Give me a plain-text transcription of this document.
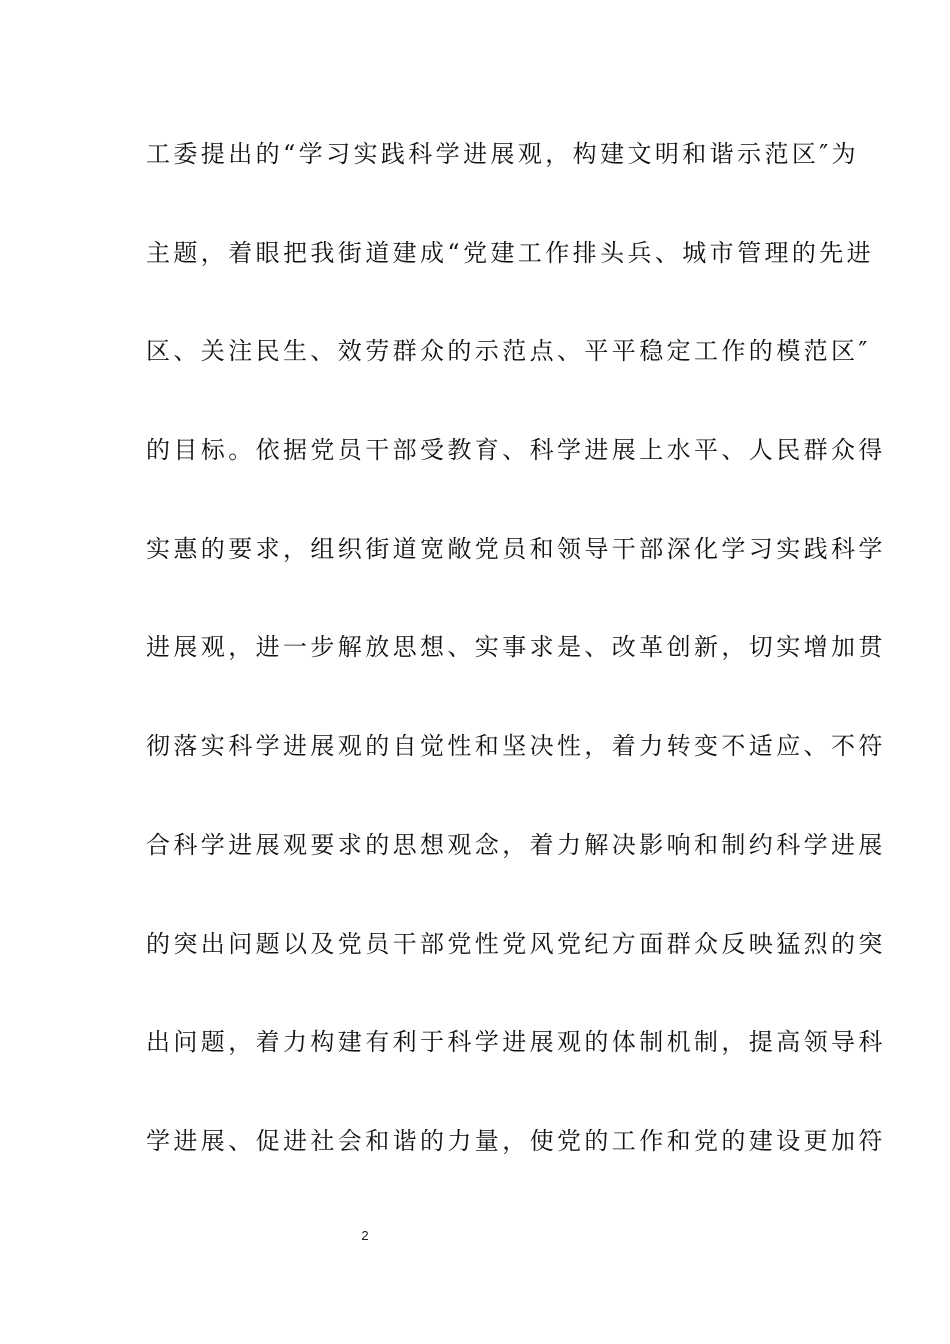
工委提出的“学习实践科学进展观，构建文明和谐示范区″为
主题，着眼把我街道建成“党建工作排头兵、城市管理的先进
区、关注民生、效劳群众的示范点、平平稳定工作的模范区″
的目标。依据党员干部受教育、科学进展上水平、人民群众得
实惠的要求，组织街道宽敞党员和领导干部深化学习实践科学
进展观，进一步解放思想、实事求是、改革创新，切实增加贯
彻落实科学进展观的自觉性和坚决性，着力转变不适应、不符
合科学进展观要求的思想观念，着力解决影响和制约科学进展
的突出问题以及党员干部党性党风党纪方面群众反映猛烈的突
出问题，着力构建有利于科学进展观的体制机制，提高领导科
学进展、促进社会和谐的力量，使党的工作和党的建设更加符
2
